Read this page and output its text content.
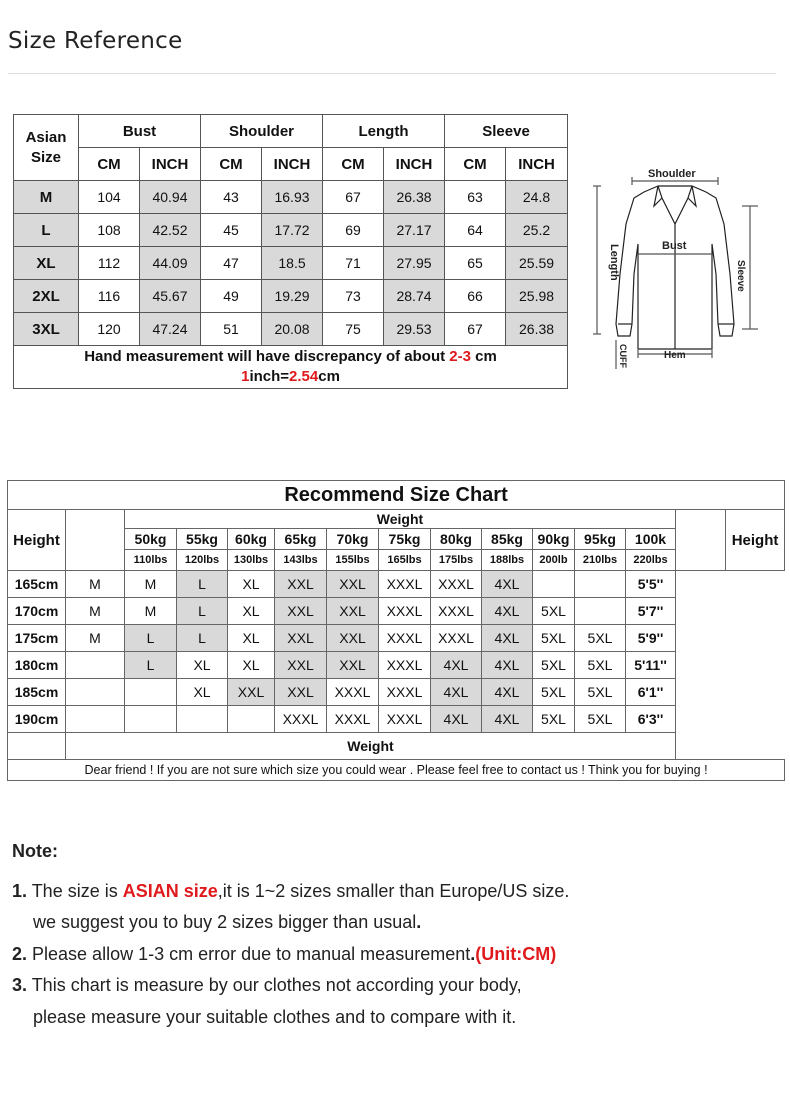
Size Reference
Asian Size	Bust		Shoulder		Length		Sleeve	
	CM	INCH	CM	INCH	CM	INCH	CM	INCH
M	104	40.94	43	16.93	67	26.38	63	24.8
L	108	42.52	45	17.72	69	27.17	64	25.2
XL	112	44.09	47	18.5	71	27.95	65	25.59
2XL	116	45.67	49	19.29	73	28.74	66	25.98
3XL	120	47.24	51	20.08	75	29.53	67	26.38
Hand measurement will have discrepancy of about 2-3 cm
1inch=2.54cm								
Shoulder
Bust
Length	Sleeve
CUFF	Hem
Recommend Size Chart														
Height		Weight												Height
		50kg	55kg	60kg	65kg	70kg	75kg	80kg	85kg	90kg	95kg	100k		
		110lbs	120lbs	130lbs	143lbs	155lbs	165lbs	175lbs	188lbs	200lb	210lbs	220lbs		
165cm	M	M	L	XL	XXL	XXL	XXXL	XXXL	4XL			5'5''		
170cm	M	M	L	XL	XXL	XXL	XXXL	XXXL	4XL	5XL		5'7''		
175cm	M	L	L	XL	XXL	XXL	XXXL	XXXL	4XL	5XL	5XL	5'9''		
180cm		L	XL	XL	XXL	XXL	XXXL	4XL	4XL	5XL	5XL	5'11''		
185cm			XL	XXL	XXL	XXXL	XXXL	4XL	4XL	5XL	5XL	6'1''		
190cm					XXXL	XXXL	XXXL	4XL	4XL	5XL	5XL	6'3''		
	Weight													
Dear friend ! If you are not sure which size you could wear . Please feel free to contact us ! Think you for buying !														

Note:

1. The size is ASIAN size,it is 1~2 sizes smaller than Europe/US size.

we suggest you to buy 2 sizes bigger than usual.

2. Please allow 1-3 cm error due to manual measurement.(Unit:CM)

3. This chart is measure by our clothes not according your body,

please measure your suitable clothes and to compare with it.
